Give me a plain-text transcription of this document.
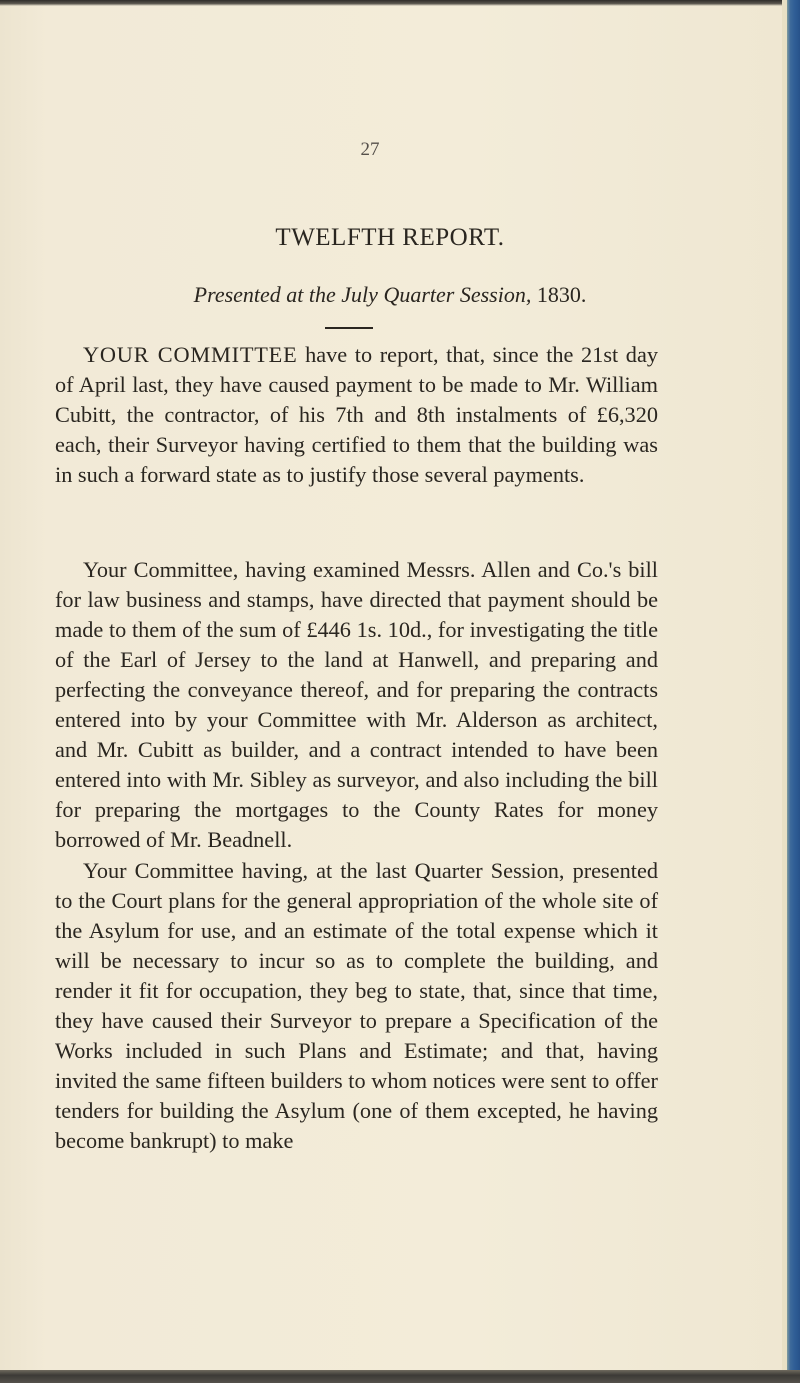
27
TWELFTH REPORT.
Presented at the July Quarter Session, 1830.

YOUR COMMITTEE have to report, that, since the 21st day of April last, they have caused payment to be made to Mr. William Cubitt, the contractor, of his 7th and 8th instalments of £6,320 each, their Surveyor having certified to them that the building was in such a forward state as to justify those several payments.

Your Committee, having examined Messrs. Allen and Co.'s bill for law business and stamps, have directed that payment should be made to them of the sum of £446 1s. 10d., for investigating the title of the Earl of Jersey to the land at Hanwell, and preparing and perfecting the conveyance thereof, and for preparing the contracts entered into by your Committee with Mr. Alderson as architect, and Mr. Cubitt as builder, and a contract intended to have been entered into with Mr. Sibley as surveyor, and also including the bill for preparing the mortgages to the County Rates for money borrowed of Mr. Beadnell.

Your Committee having, at the last Quarter Session, presented to the Court plans for the general appropriation of the whole site of the Asylum for use, and an estimate of the total expense which it will be necessary to incur so as to complete the building, and render it fit for occupation, they beg to state, that, since that time, they have caused their Surveyor to prepare a Specification of the Works included in such Plans and Estimate; and that, having invited the same fifteen builders to whom notices were sent to offer tenders for building the Asylum (one of them excepted, he having become bankrupt) to make
